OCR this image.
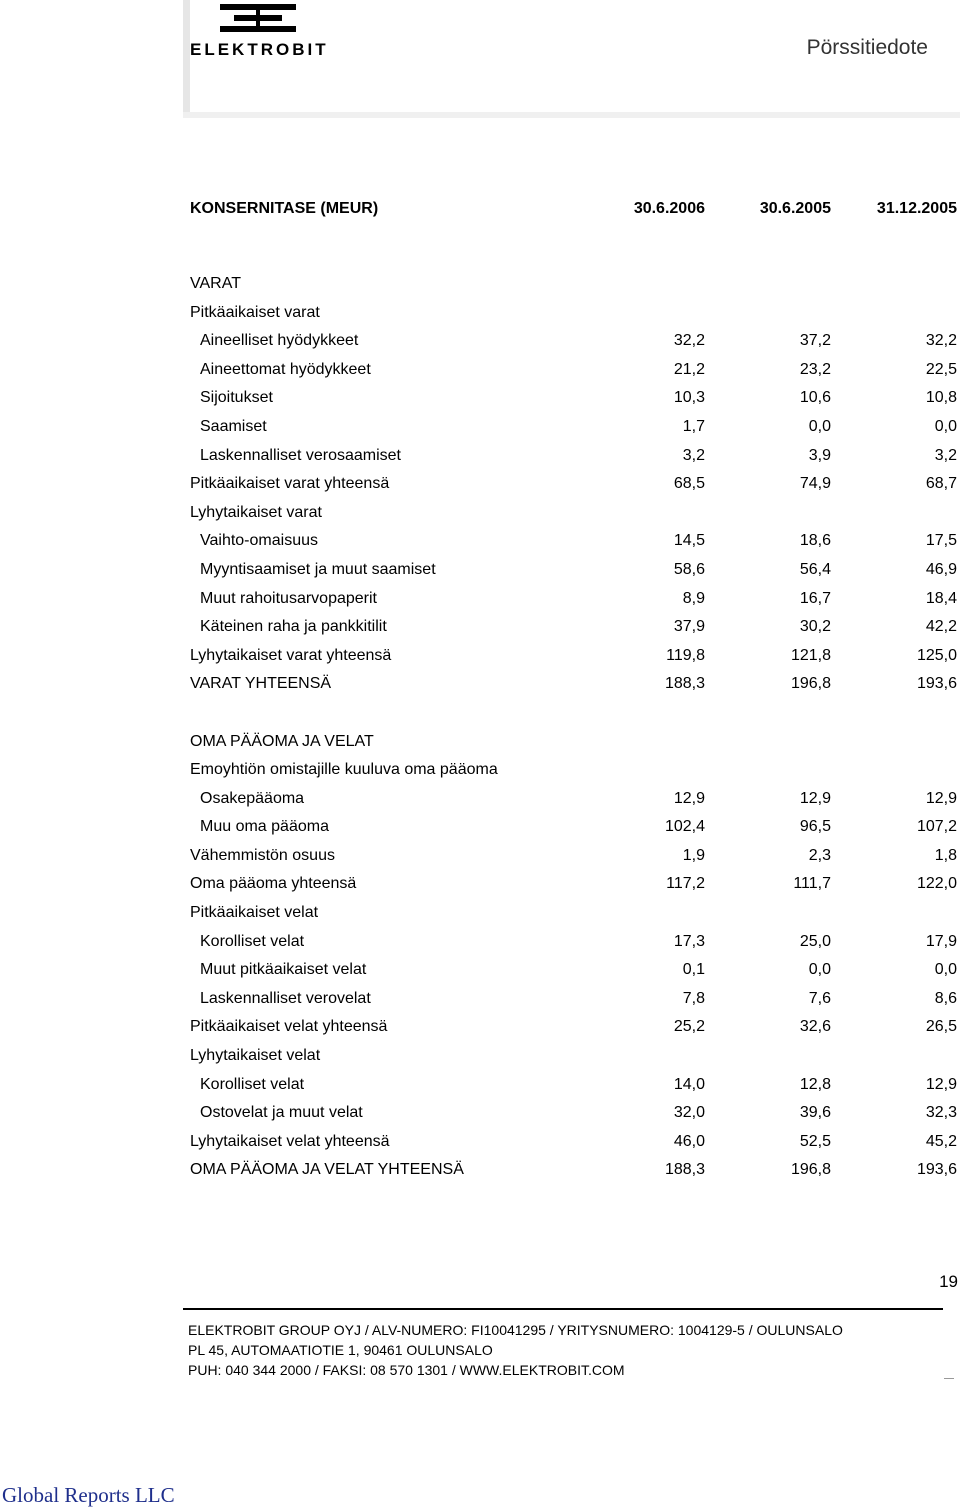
ELEKTROBIT	Pörssitiedote
KONSERNITASE (MEUR)	30.6.2006	30.6.2005	31.12.2005
VARAT
Pitkäaikaiset varat
Aineelliset hyödykkeet	32,2	37,2	32,2
Aineettomat hyödykkeet	21,2	23,2	22,5
Sijoitukset	10,3	10,6	10,8
Saamiset	1,7	0,0	0,0
Laskennalliset verosaamiset	3,2	3,9	3,2
Pitkäaikaiset varat yhteensä	68,5	74,9	68,7
Lyhytaikaiset varat
Vaihto-omaisuus	14,5	18,6	17,5
Myyntisaamiset ja muut saamiset	58,6	56,4	46,9
Muut rahoitusarvopaperit	8,9	16,7	18,4
Käteinen raha ja pankkitilit	37,9	30,2	42,2
Lyhytaikaiset varat yhteensä	119,8	121,8	125,0
VARAT YHTEENSÄ	188,3	196,8	193,6
OMA PÄÄOMA JA VELAT
Emoyhtiön omistajille kuuluva oma pääoma
Osakepääoma	12,9	12,9	12,9
Muu oma pääoma	102,4	96,5	107,2
Vähemmistön osuus	1,9	2,3	1,8
Oma pääoma yhteensä	117,2	111,7	122,0
Pitkäaikaiset velat
Korolliset velat	17,3	25,0	17,9
Muut pitkäaikaiset velat	0,1	0,0	0,0
Laskennalliset verovelat	7,8	7,6	8,6
Pitkäaikaiset velat yhteensä	25,2	32,6	26,5
Lyhytaikaiset velat
Korolliset velat	14,0	12,8	12,9
Ostovelat ja muut velat	32,0	39,6	32,3
Lyhytaikaiset velat yhteensä	46,0	52,5	45,2
OMA PÄÄOMA JA VELAT YHTEENSÄ	188,3	196,8	193,6
19
ELEKTROBIT GROUP OYJ / ALV-NUMERO: FI10041295 / YRITYSNUMERO: 1004129-5 / OULUNSALO
PL 45, AUTOMAATIOTIE 1, 90461 OULUNSALO
PUH: 040 344 2000 / FAKSI: 08 570 1301 / WWW.ELEKTROBIT.COM
Global Reports LLC
